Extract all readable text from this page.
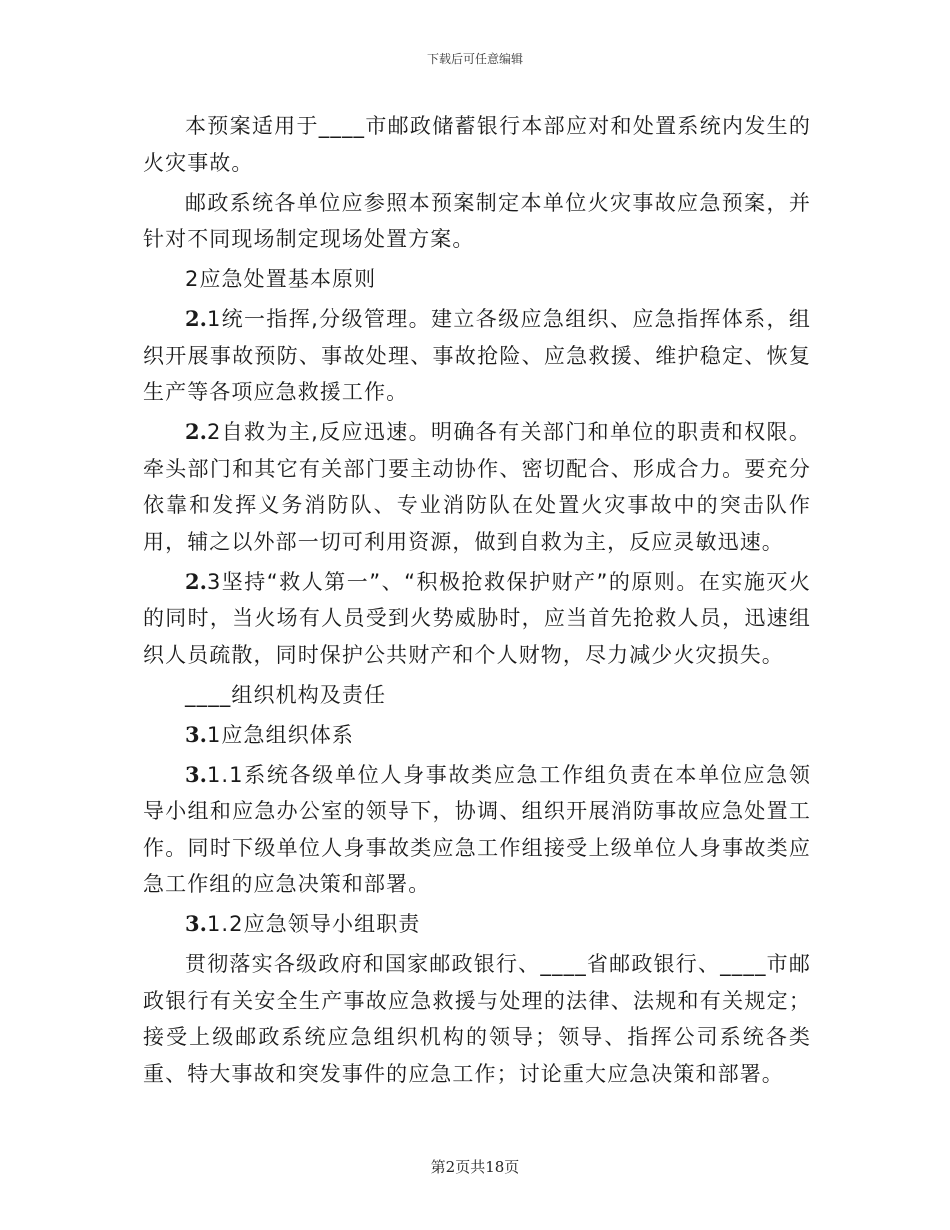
下载后可任意编辑

本预案适用于____市邮政储蓄银行本部应对和处置系统内发生的火灾事故。

邮政系统各单位应参照本预案制定本单位火灾事故应急预案，并针对不同现场制定现场处置方案。

2应急处置基本原则

2.1统一指挥,分级管理。建立各级应急组织、应急指挥体系，组织开展事故预防、事故处理、事故抢险、应急救援、维护稳定、恢复生产等各项应急救援工作。

2.2自救为主,反应迅速。明确各有关部门和单位的职责和权限。牵头部门和其它有关部门要主动协作、密切配合、形成合力。要充分依靠和发挥义务消防队、专业消防队在处置火灾事故中的突击队作用，辅之以外部一切可利用资源，做到自救为主，反应灵敏迅速。

2.3坚持“救人第一”、“积极抢救保护财产”的原则。在实施灭火的同时，当火场有人员受到火势威胁时，应当首先抢救人员，迅速组织人员疏散，同时保护公共财产和个人财物，尽力减少火灾损失。

____组织机构及责任

3.1应急组织体系

3.1.1系统各级单位人身事故类应急工作组负责在本单位应急领导小组和应急办公室的领导下，协调、组织开展消防事故应急处置工作。同时下级单位人身事故类应急工作组接受上级单位人身事故类应急工作组的应急决策和部署。

3.1.2应急领导小组职责

贯彻落实各级政府和国家邮政银行、____省邮政银行、____市邮政银行有关安全生产事故应急救援与处理的法律、法规和有关规定；接受上级邮政系统应急组织机构的领导；领导、指挥公司系统各类重、特大事故和突发事件的应急工作；讨论重大应急决策和部署。

第2页共18页
